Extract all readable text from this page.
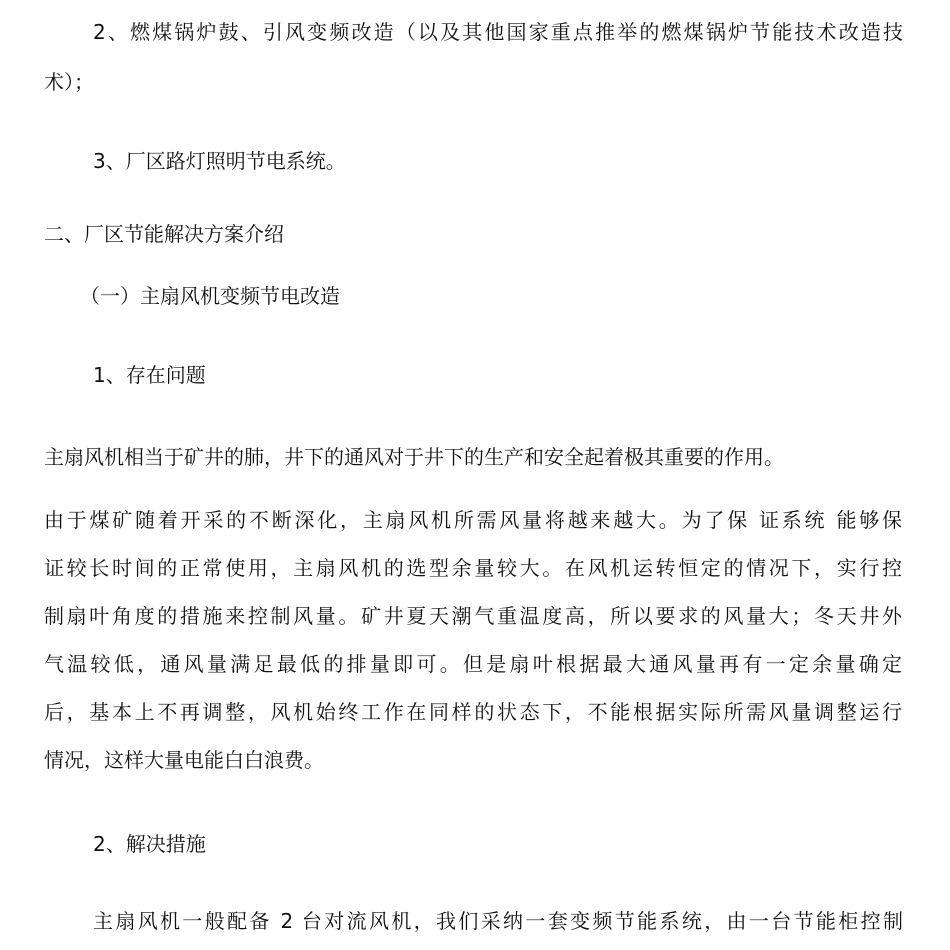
2、燃煤锅炉鼓、引风变频改造（以及其他国家重点推举的燃煤锅炉节能技术改造技
术）；
3、厂区路灯照明节电系统。
二、厂区节能解决方案介绍
（一）主扇风机变频节电改造
1、存在问题
主扇风机相当于矿井的肺，井下的通风对于井下的生产和安全起着极其重要的作用。
由于煤矿随着开采的不断深化，主扇风机所需风量将越来越大。为了保 证系统 能够保
证较长时间的正常使用，主扇风机的选型余量较大。在风机运转恒定的情况下，实行控
制扇叶角度的措施来控制风量。矿井夏天潮气重温度高，所以要求的风量大；冬天井外
气温较低，通风量满足最低的排量即可。但是扇叶根据最大通风量再有一定余量确定
后，基本上不再调整，风机始终工作在同样的状态下，不能根据实际所需风量调整运行
情况，这样大量电能白白浪费。
2、解决措施
主扇风机一般配备 2 台对流风机，我们采纳一套变频节能系统，由一台节能柜控制
